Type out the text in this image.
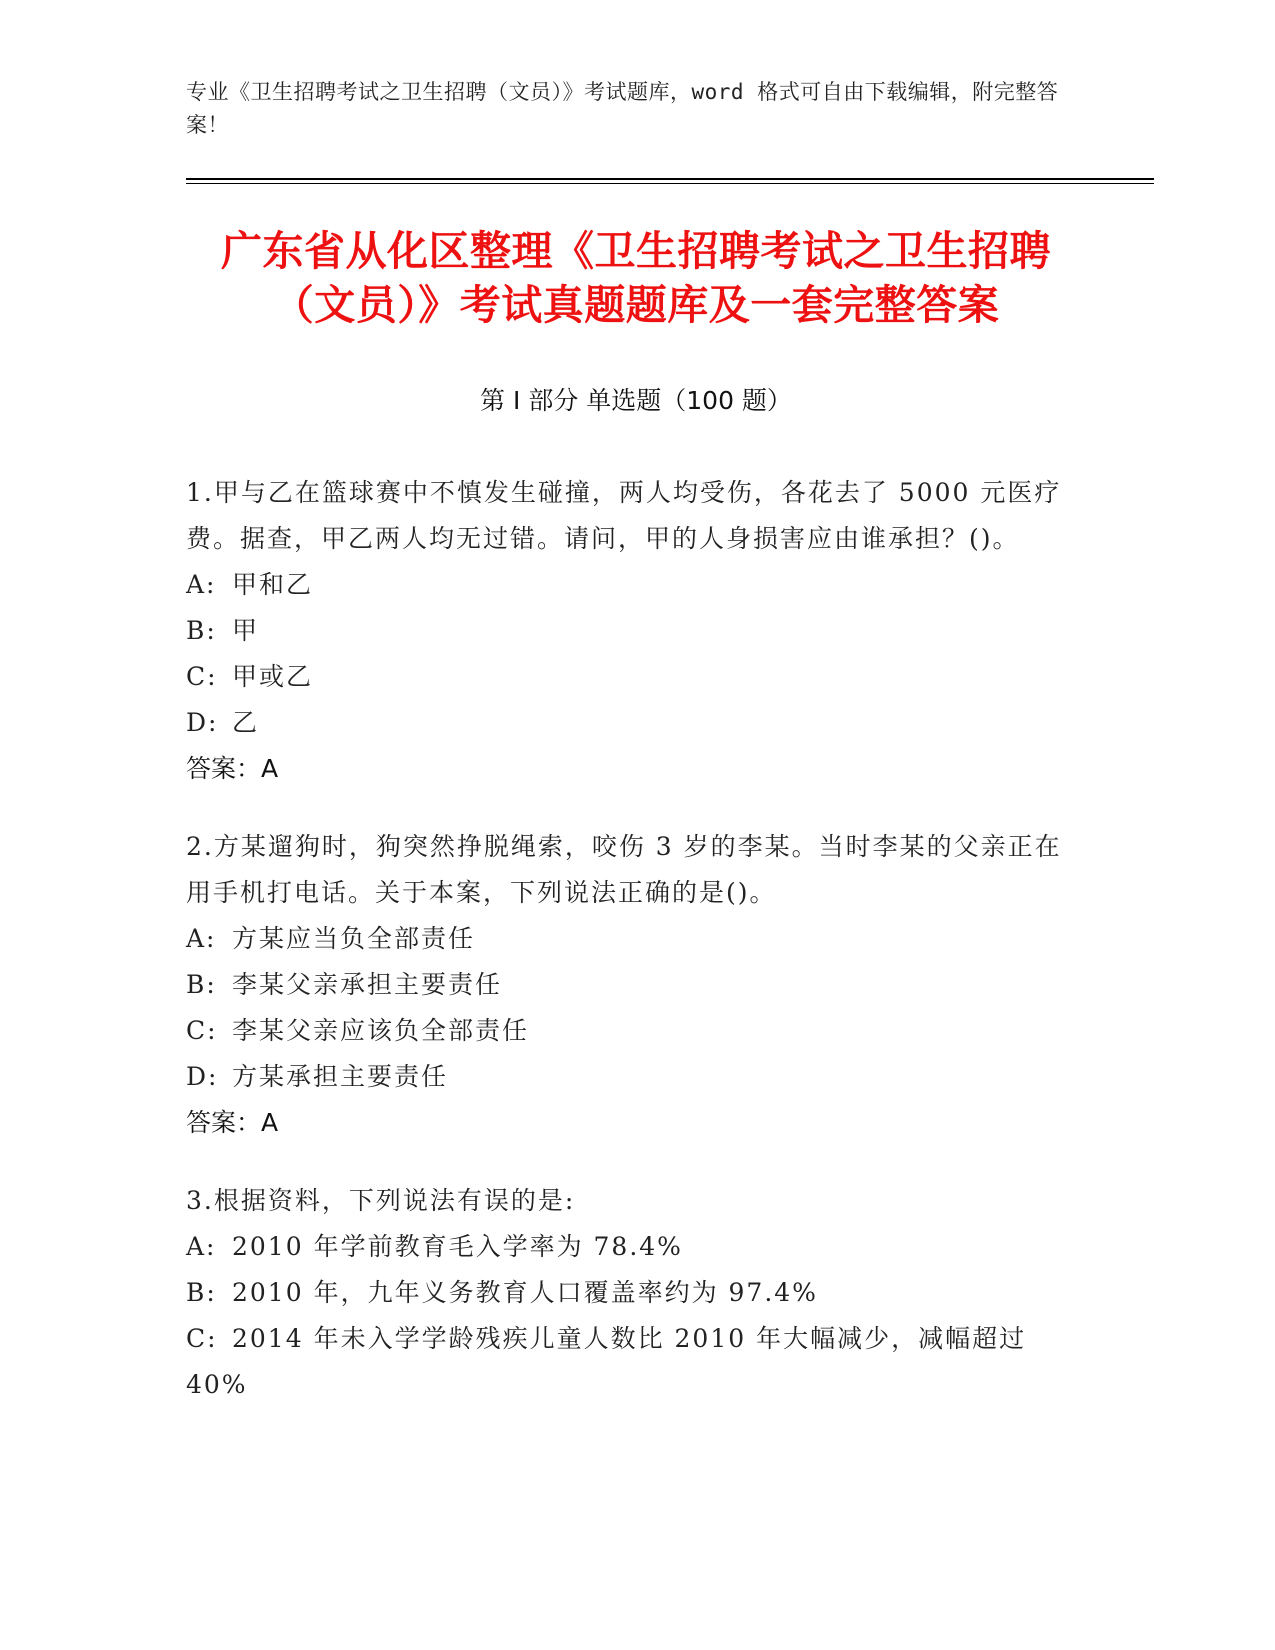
专业《卫生招聘考试之卫生招聘（文员）》考试题库，word 格式可自由下载编辑，附完整答案！
广东省从化区整理《卫生招聘考试之卫生招聘（文员）》考试真题题库及一套完整答案
第 I 部分 单选题（100 题）
1.甲与乙在篮球赛中不慎发生碰撞，两人均受伤，各花去了 5000 元医疗费。据查，甲乙两人均无过错。请问，甲的人身损害应由谁承担？()。
A: 甲和乙
B: 甲
C: 甲或乙
D: 乙
答案：A
2.方某遛狗时，狗突然挣脱绳索，咬伤 3 岁的李某。当时李某的父亲正在用手机打电话。关于本案，下列说法正确的是()。
A: 方某应当负全部责任
B: 李某父亲承担主要责任
C: 李某父亲应该负全部责任
D: 方某承担主要责任
答案：A
3.根据资料，下列说法有误的是:
A: 2010 年学前教育毛入学率为 78.4%
B: 2010 年，九年义务教育人口覆盖率约为 97.4%
C: 2014 年未入学学龄残疾儿童人数比 2010 年大幅减少，减幅超过 40%
